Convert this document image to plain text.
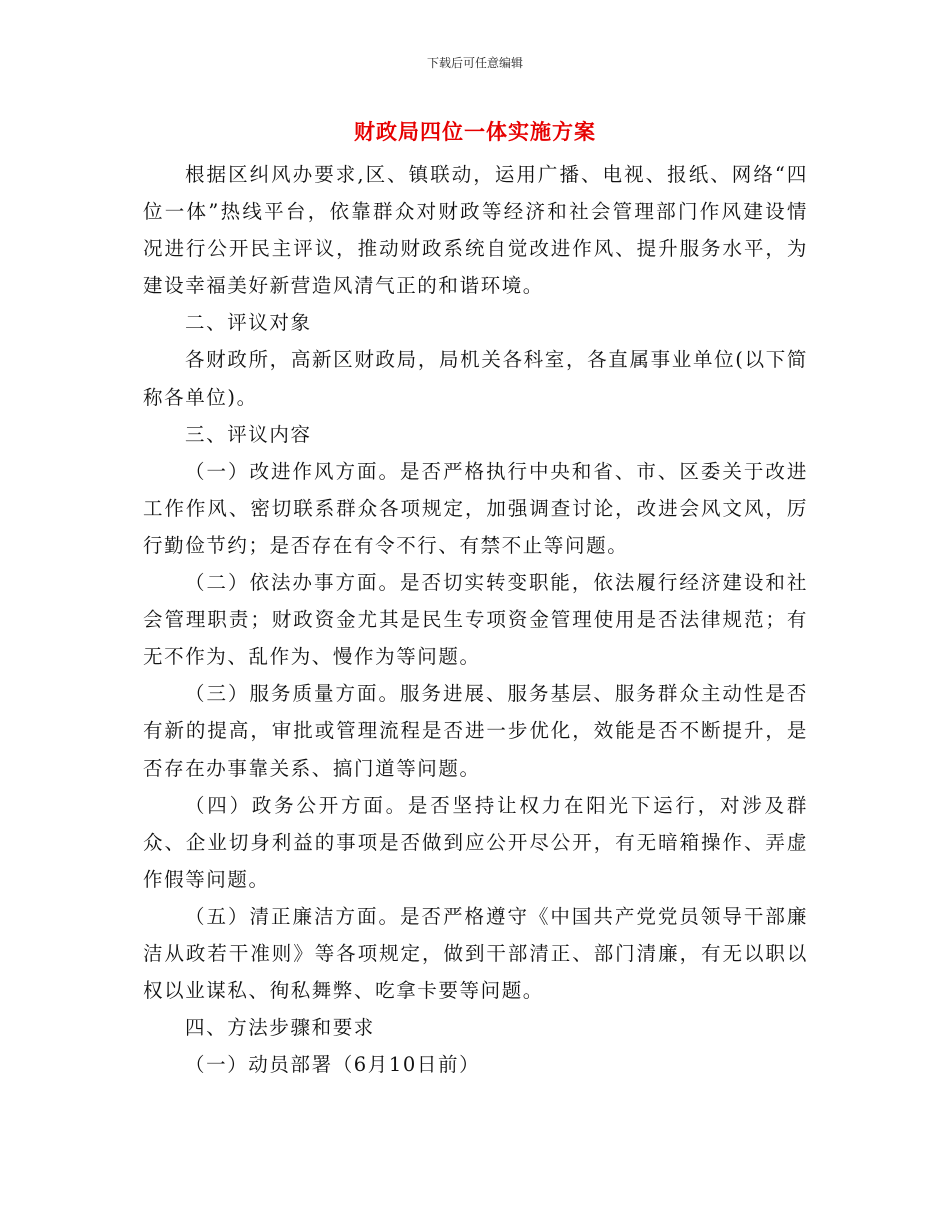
下载后可任意编辑
财政局四位一体实施方案

根据区纠风办要求,区、镇联动，运用广播、电视、报纸、网络“四位一体”热线平台，依靠群众对财政等经济和社会管理部门作风建设情况进行公开民主评议，推动财政系统自觉改进作风、提升服务水平，为建设幸福美好新营造风清气正的和谐环境。

二、评议对象

各财政所，高新区财政局，局机关各科室，各直属事业单位(以下简称各单位)。

三、评议内容

（一）改进作风方面。是否严格执行中央和省、市、区委关于改进工作作风、密切联系群众各项规定，加强调查讨论，改进会风文风，厉行勤俭节约；是否存在有令不行、有禁不止等问题。

（二）依法办事方面。是否切实转变职能，依法履行经济建设和社会管理职责；财政资金尤其是民生专项资金管理使用是否法律规范；有无不作为、乱作为、慢作为等问题。

（三）服务质量方面。服务进展、服务基层、服务群众主动性是否有新的提高，审批或管理流程是否进一步优化，效能是否不断提升，是否存在办事靠关系、搞门道等问题。

（四）政务公开方面。是否坚持让权力在阳光下运行，对涉及群众、企业切身利益的事项是否做到应公开尽公开，有无暗箱操作、弄虚作假等问题。

（五）清正廉洁方面。是否严格遵守《中国共产党党员领导干部廉洁从政若干准则》等各项规定，做到干部清正、部门清廉，有无以职以权以业谋私、徇私舞弊、吃拿卡要等问题。

四、方法步骤和要求

（一）动员部署（6月10日前）
